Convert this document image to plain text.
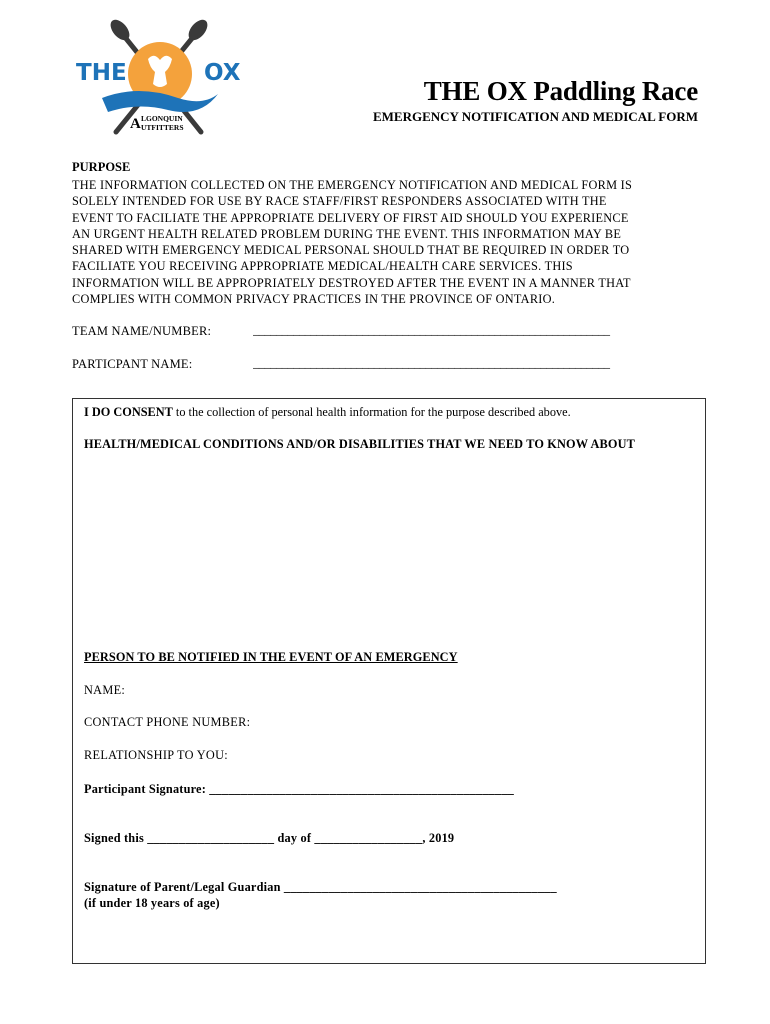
THE	OX
A LGONQUIN
UTFITTERS
THE OX Paddling Race
EMERGENCY NOTIFICATION AND MEDICAL FORM
PURPOSE
THE INFORMATION COLLECTED ON THE EMERGENCY NOTIFICATION AND MEDICAL FORM IS
SOLELY INTENDED FOR USE BY RACE STAFF/FIRST RESPONDERS ASSOCIATED WITH THE
EVENT TO FACILIATE THE APPROPRIATE DELIVERY OF FIRST AID SHOULD YOU EXPERIENCE
AN URGENT HEALTH RELATED PROBLEM DURING THE EVENT. THIS INFORMATION MAY BE
SHARED WITH EMERGENCY MEDICAL PERSONAL SHOULD THAT BE REQUIRED IN ORDER TO
FACILIATE YOU RECEIVING APPROPRIATE MEDICAL/HEALTH CARE SERVICES. THIS
INFORMATION WILL BE APPROPRIATELY DESTROYED AFTER THE EVENT IN A MANNER THAT
COMPLIES WITH COMMON PRIVACY PRACTICES IN THE PROVINCE OF ONTARIO.
TEAM NAME/NUMBER:	______________________________________________________________
PARTICPANT NAME:	______________________________________________________________
I DO CONSENT to the collection of personal health information for the purpose described above.
HEALTH/MEDICAL CONDITIONS AND/OR DISABILITIES THAT WE NEED TO KNOW ABOUT
PERSON TO BE NOTIFIED IN THE EVENT OF AN EMERGENCY
NAME:
CONTACT PHONE NUMBER:
RELATIONSHIP TO YOU:
Participant Signature: ________________________________________________
Signed this ____________________ day of _________________, 2019
Signature of Parent/Legal Guardian ___________________________________________
(if under 18 years of age)
